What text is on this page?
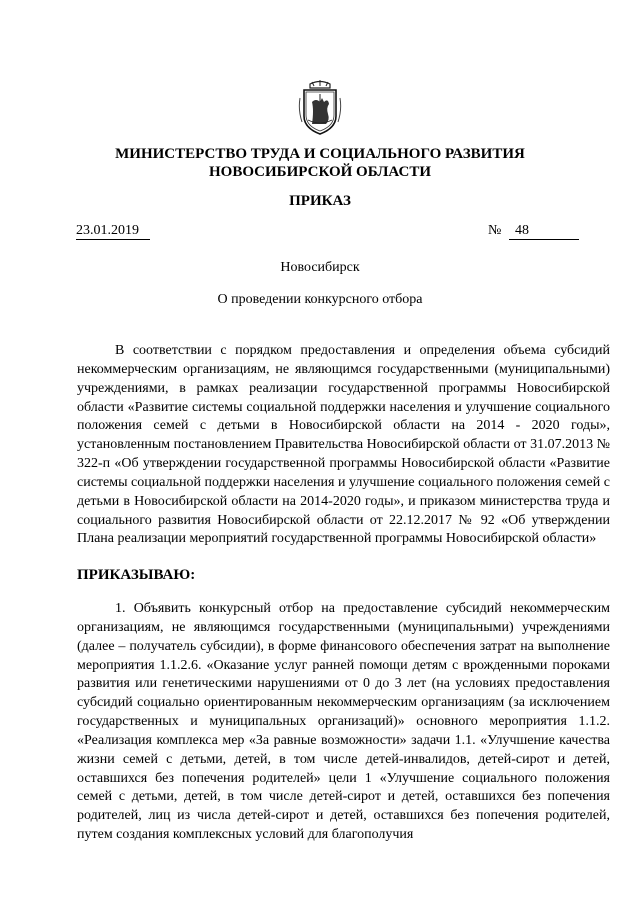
МИНИСТЕРСТВО ТРУДА И СОЦИАЛЬНОГО РАЗВИТИЯ
НОВОСИБИРСКОЙ ОБЛАСТИ
ПРИКАЗ
23.01.2019	№ 48
Новосибирск
О проведении конкурсного отбора

В соответствии с порядком предоставления и определения объема субсидий некоммерческим организациям, не являющимся государственными (муниципальными) учреждениями, в рамках реализации государственной программы Новосибирской области «Развитие системы социальной поддержки населения и улучшение социального положения семей с детьми в Новосибирской области на 2014 - 2020 годы», установленным постановлением Правительства Новосибирской области от 31.07.2013 № 322-п «Об утверждении государственной программы Новосибирской области «Развитие системы социальной поддержки населения и улучшение социального положения семей с детьми в Новосибирской области на 2014-2020 годы», и приказом министерства труда и социального развития Новосибирской области от 22.12.2017 № 92 «Об утверждении Плана реализации мероприятий государственной программы Новосибирской области»

ПРИКАЗЫВАЮ:

1. Объявить конкурсный отбор на предоставление субсидий некоммерческим организациям, не являющимся государственными (муниципальными) учреждениями (далее – получатель субсидии), в форме финансового обеспечения затрат на выполнение мероприятия 1.1.2.6. «Оказание услуг ранней помощи детям с врожденными пороками развития или генетическими нарушениями от 0 до 3 лет (на условиях предоставления субсидий социально ориентированным некоммерческим организациям (за исключением государственных и муниципальных организаций)» основного мероприятия 1.1.2. «Реализация комплекса мер «За равные возможности» задачи 1.1. «Улучшение качества жизни семей с детьми, детей, в том числе детей-инвалидов, детей-сирот и детей, оставшихся без попечения родителей» цели 1 «Улучшение социального положения семей с детьми, детей, в том числе детей-сирот и детей, оставшихся без попечения родителей, лиц из числа детей-сирот и детей, оставшихся без попечения родителей, путем создания комплексных условий для благополучия
